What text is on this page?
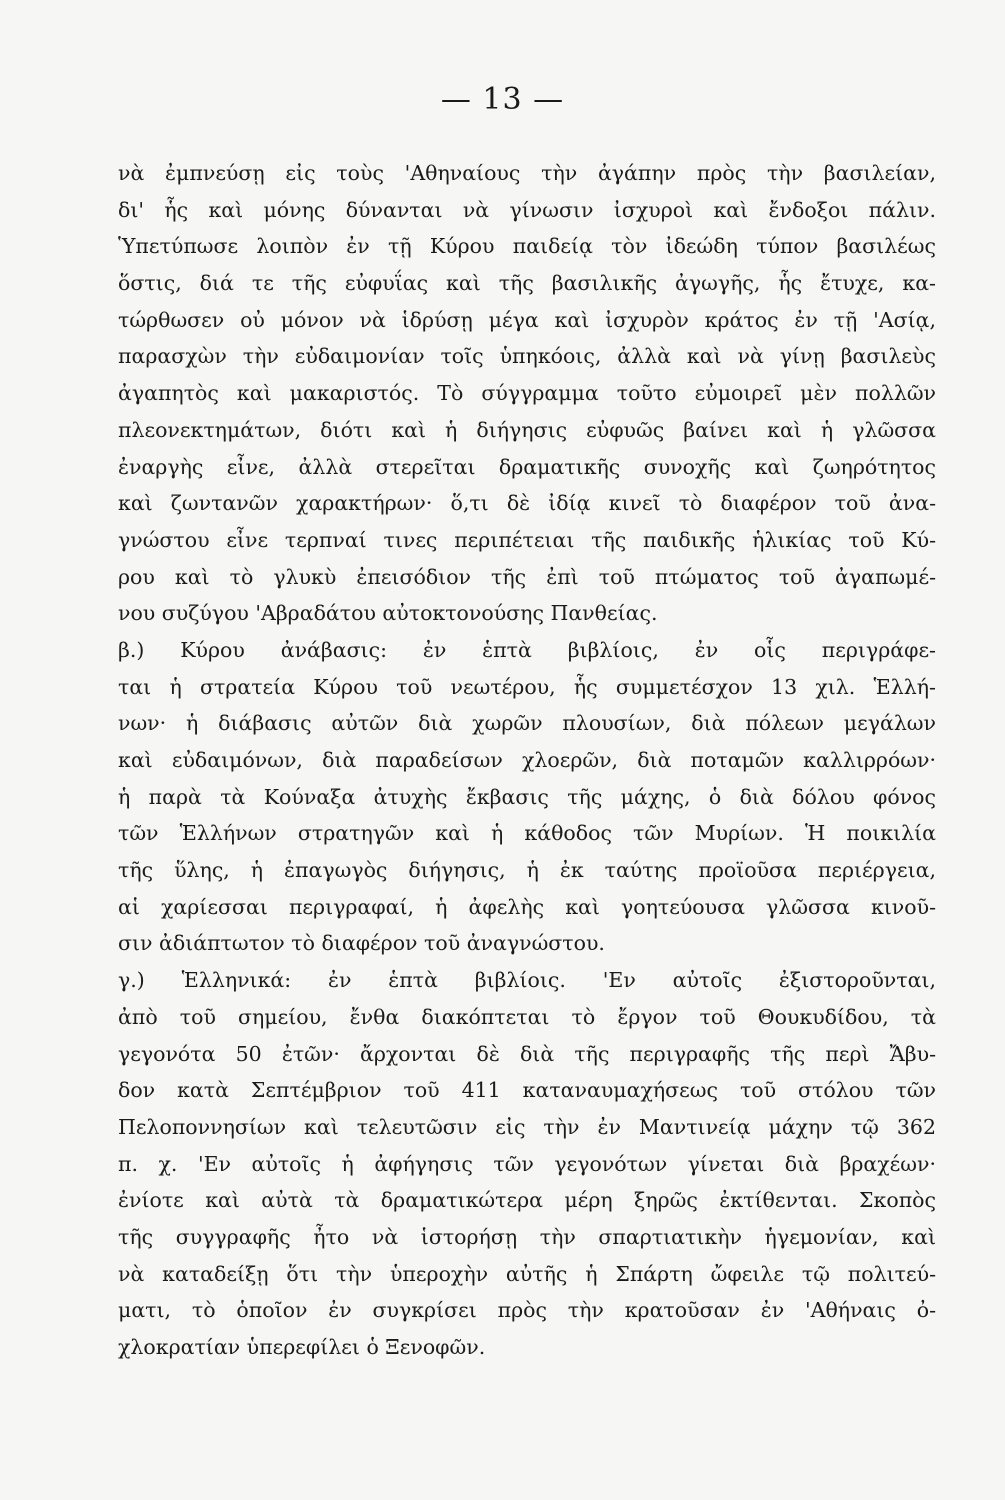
— 13 —
νὰ ἐμπνεύσῃ εἰς τοὺς 'Αθηναίους τὴν ἀγάπην πρὸς τὴν βασιλείαν,
δι' ἧς καὶ μόνης δύνανται νὰ γίνωσιν ἰσχυροὶ καὶ ἔνδοξοι πάλιν.
Ὑπετύπωσε λοιπὸν ἐν τῇ Κύρου παιδείᾳ τὸν ἰδεώδη τύπον βασιλέως
ὅστις, διά τε τῆς εὐφυΐας καὶ τῆς βασιλικῆς ἀγωγῆς, ἧς ἔτυχε, κα-
τώρθωσεν οὐ μόνον νὰ ἱδρύσῃ μέγα καὶ ἰσχυρὸν κράτος ἐν τῇ 'Ασίᾳ,
παρασχὼν τὴν εὐδαιμονίαν τοῖς ὑπηκόοις, ἀλλὰ καὶ νὰ γίνῃ βασιλεὺς
ἀγαπητὸς καὶ μακαριστός. Τὸ σύγγραμμα τοῦτο εὐμοιρεῖ μὲν πολλῶν
πλεονεκτημάτων, διότι καὶ ἡ διήγησις εὐφυῶς βαίνει καὶ ἡ γλῶσσα
ἐναργὴς εἶνε, ἀλλὰ στερεῖται δραματικῆς συνοχῆς καὶ ζωηρότητος
καὶ ζωντανῶν χαρακτήρων· ὅ,τι δὲ ἰδίᾳ κινεῖ τὸ διαφέρον τοῦ ἀνα-
γνώστου εἶνε τερπναί τινες περιπέτειαι τῆς παιδικῆς ἡλικίας τοῦ Κύ-
ρου καὶ τὸ γλυκὺ ἐπεισόδιον τῆς ἐπὶ τοῦ πτώματος τοῦ ἀγαπωμέ-
νου συζύγου 'Αβραδάτου αὐτοκτονούσης Πανθείας.
β.) Κύρου ἀνάβασις: ἐν ἑπτὰ βιβλίοις, ἐν οἷς περιγράφε-
ται ἡ στρατεία Κύρου τοῦ νεωτέρου, ἧς συμμετέσχον 13 χιλ. Ἑλλή-
νων· ἡ διάβασις αὐτῶν διὰ χωρῶν πλουσίων, διὰ πόλεων μεγάλων
καὶ εὐδαιμόνων, διὰ παραδείσων χλοερῶν, διὰ ποταμῶν καλλιρρόων·
ἡ παρὰ τὰ Κούναξα ἀτυχὴς ἔκβασις τῆς μάχης, ὁ διὰ δόλου φόνος
τῶν Ἑλλήνων στρατηγῶν καὶ ἡ κάθοδος τῶν Μυρίων. Ἡ ποικιλία
τῆς ὕλης, ἡ ἐπαγωγὸς διήγησις, ἡ ἐκ ταύτης προϊοῦσα περιέργεια,
αἱ χαρίεσσαι περιγραφαί, ἡ ἀφελὴς καὶ γοητεύουσα γλῶσσα κινοῦ-
σιν ἀδιάπτωτον τὸ διαφέρον τοῦ ἀναγνώστου.
γ.) Ἑλληνικά: ἐν ἑπτὰ βιβλίοις. 'Εν αὐτοῖς ἐξιστοροῦνται,
ἀπὸ τοῦ σημείου, ἔνθα διακόπτεται τὸ ἔργον τοῦ Θουκυδίδου, τὰ
γεγονότα 50 ἐτῶν· ἄρχονται δὲ διὰ τῆς περιγραφῆς τῆς περὶ Ἄβυ-
δον κατὰ Σεπτέμβριον τοῦ 411 καταναυμαχήσεως τοῦ στόλου τῶν
Πελοποννησίων καὶ τελευτῶσιν εἰς τὴν ἐν Μαντινείᾳ μάχην τῷ 362
π. χ. 'Εν αὐτοῖς ἡ ἀφήγησις τῶν γεγονότων γίνεται διὰ βραχέων·
ἐνίοτε καὶ αὐτὰ τὰ δραματικώτερα μέρη ξηρῶς ἐκτίθενται. Σκοπὸς
τῆς συγγραφῆς ἦτο νὰ ἱστορήσῃ τὴν σπαρτιατικὴν ἡγεμονίαν, καὶ
νὰ καταδείξῃ ὅτι τὴν ὑπεροχὴν αὐτῆς ἡ Σπάρτη ὤφειλε τῷ πολιτεύ-
ματι, τὸ ὁποῖον ἐν συγκρίσει πρὸς τὴν κρατοῦσαν ἐν 'Αθήναις ὀ-
χλοκρατίαν ὑπερεφίλει ὁ Ξενοφῶν.
